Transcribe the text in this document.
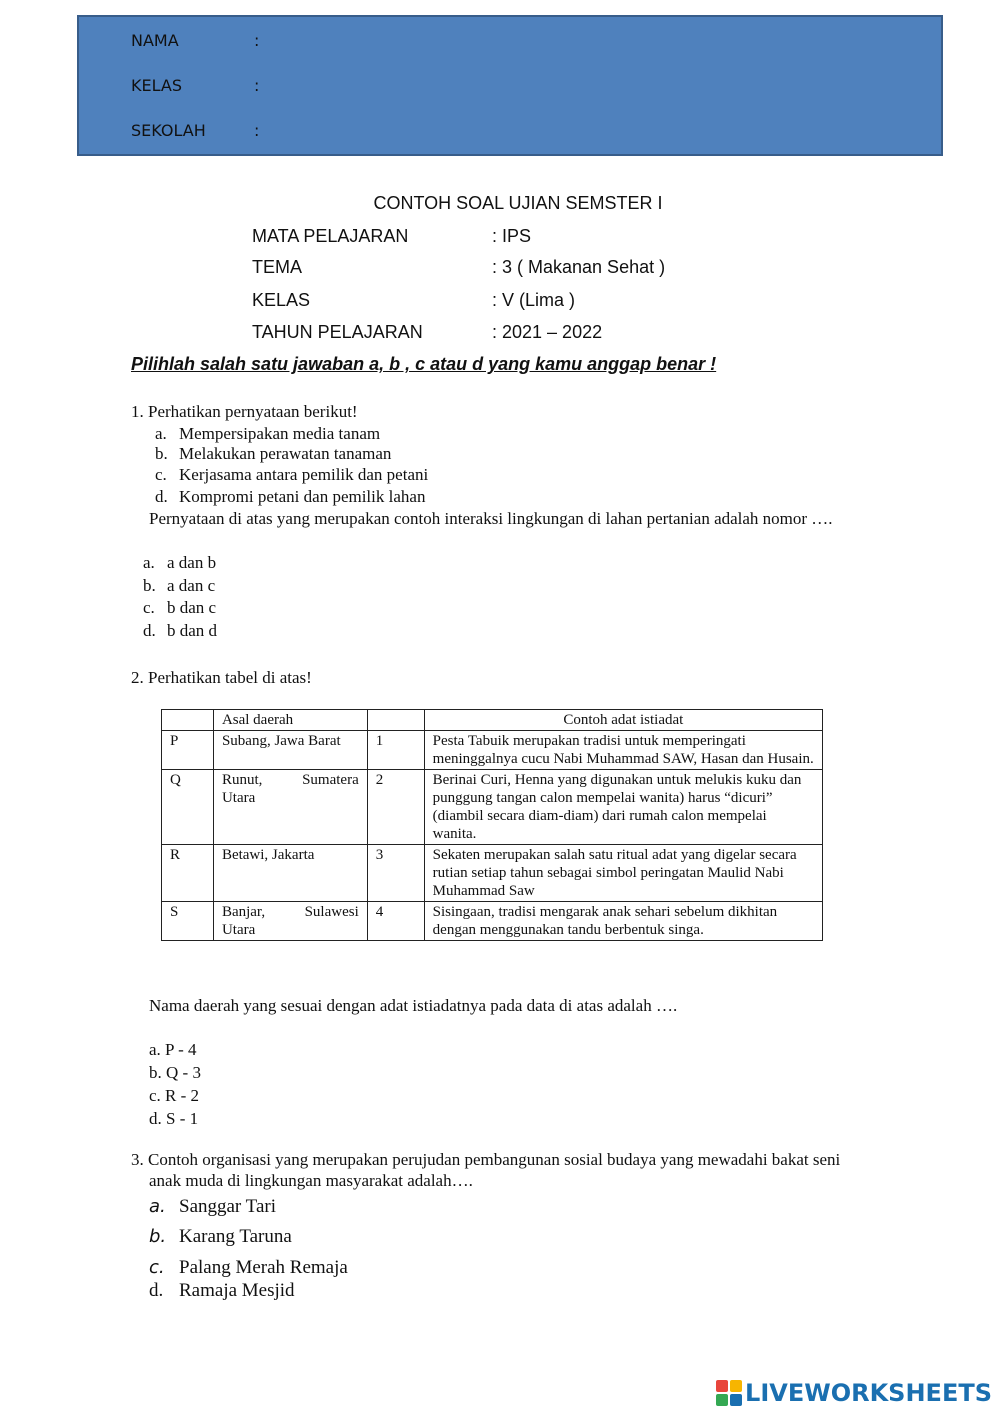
NAMA	:
KELAS	:
SEKOLAH	:
CONTOH SOAL UJIAN SEMSTER I
MATA PELAJARAN	: IPS
TEMA	: 3 ( Makanan Sehat )
KELAS	: V (Lima )
TAHUN PELAJARAN	: 2021 – 2022
Pilihlah salah satu jawaban a, b , c atau d yang kamu anggap benar !
1. Perhatikan pernyataan berikut!
a. Mempersipakan media tanam
b. Melakukan perawatan tanaman
c. Kerjasama antara pemilik dan petani
d. Kompromi petani dan pemilik lahan
Pernyataan di atas yang merupakan contoh interaksi lingkungan di lahan pertanian adalah nomor ….
a. a dan b
b. a dan c
c. b dan c
d. b dan d
2. Perhatikan tabel di atas!
	Asal daerah		Contoh adat istiadat
P	Subang, Jawa Barat	1	Pesta Tabuik merupakan tradisi untuk memperingati meninggalnya cucu Nabi Muhammad SAW, Hasan dan Husain.
Q	Runut, Sumatera Utara	2	Berinai Curi, Henna yang digunakan untuk melukis kuku dan punggung tangan calon mempelai wanita) harus “dicuri” (diambil secara diam-diam) dari rumah calon mempelai wanita.
R	Betawi, Jakarta	3	Sekaten merupakan salah satu ritual adat yang digelar secara rutian setiap tahun sebagai simbol peringatan Maulid Nabi Muhammad Saw
S	Banjar, Sulawesi Utara	4	Sisingaan, tradisi mengarak anak sehari sebelum dikhitan dengan menggunakan tandu berbentuk singa.
Nama daerah yang sesuai dengan adat istiadatnya pada data di atas adalah ….
a. P - 4
b. Q - 3
c. R - 2
d. S - 1
3. Contoh organisasi yang merupakan perujudan pembangunan sosial budaya yang mewadahi bakat seni
anak muda di lingkungan masyarakat adalah….
a. Sanggar Tari
b. Karang Taruna
c. Palang Merah Remaja
d. Ramaja Mesjid
LIVEWORKSHEETS
